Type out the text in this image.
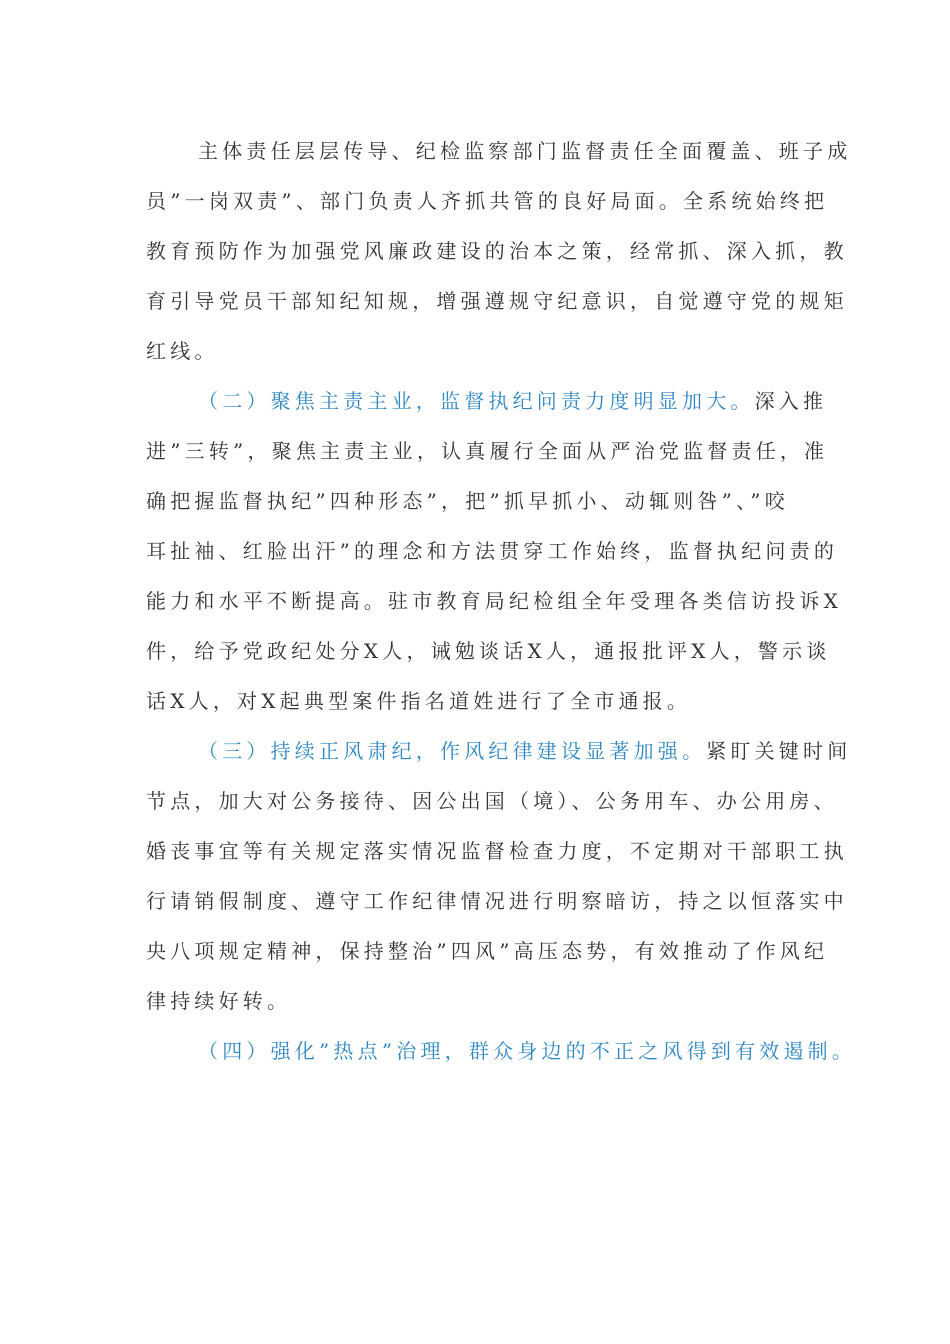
主体责任层层传导、纪检监察部门监督责任全面覆盖、班子成
员”一岗双责”、部门负责人齐抓共管的良好局面。全系统始终把
教育预防作为加强党风廉政建设的治本之策，经常抓、深入抓，教
育引导党员干部知纪知规，增强遵规守纪意识，自觉遵守党的规矩
红线。
（二）聚焦主责主业，监督执纪问责力度明显加大。深入推
进”三转”，聚焦主责主业，认真履行全面从严治党监督责任，准
确把握监督执纪”四种形态”，把”抓早抓小、动辄则咎”、”咬
耳扯袖、红脸出汗”的理念和方法贯穿工作始终，监督执纪问责的
能力和水平不断提高。驻市教育局纪检组全年受理各类信访投诉X
件，给予党政纪处分X人，诫勉谈话X人，通报批评X人，警示谈
话X人，对X起典型案件指名道姓进行了全市通报。
（三）持续正风肃纪，作风纪律建设显著加强。紧盯关键时间
节点，加大对公务接待、因公出国（境）、公务用车、办公用房、
婚丧事宜等有关规定落实情况监督检查力度，不定期对干部职工执
行请销假制度、遵守工作纪律情况进行明察暗访，持之以恒落实中
央八项规定精神，保持整治”四风”高压态势，有效推动了作风纪
律持续好转。
（四）强化”热点”治理，群众身边的不正之风得到有效遏制。
